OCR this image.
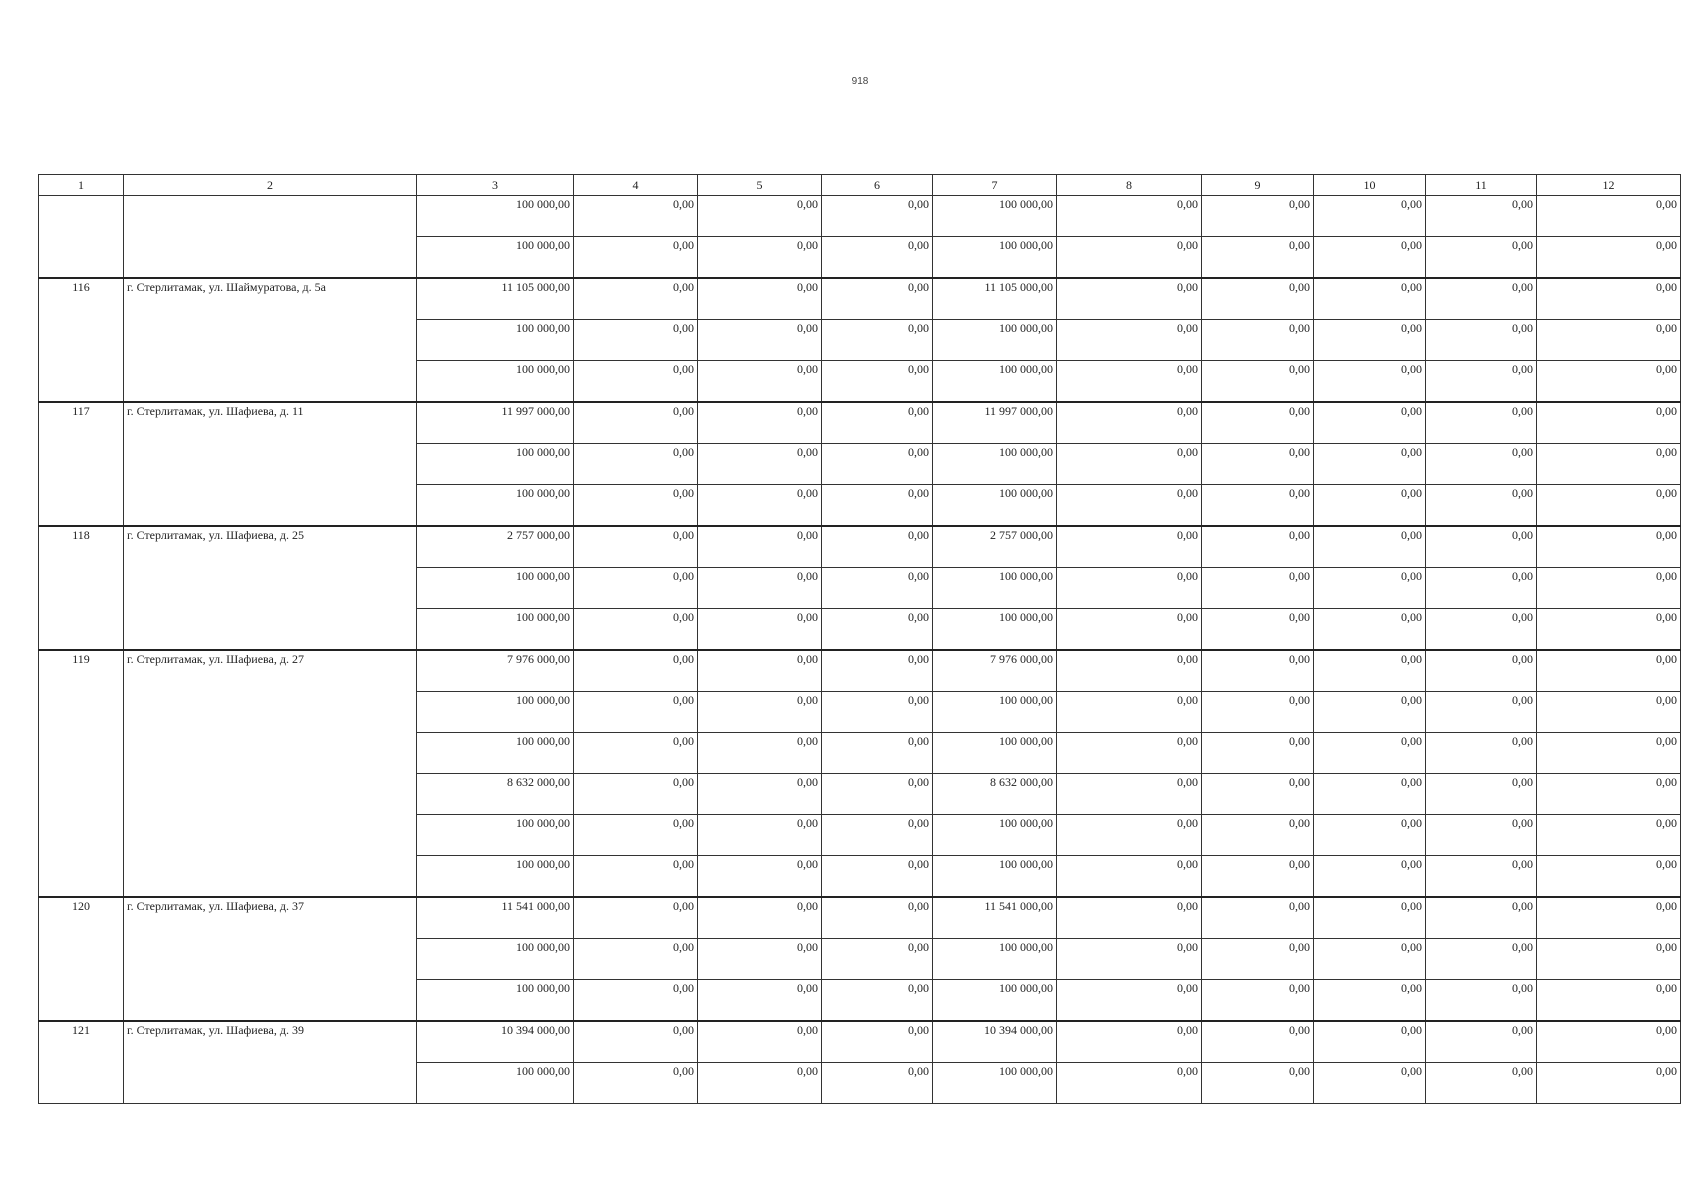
918
1	2	3	4	5	6	7	8	9	10	11	12
		100 000,00	0,00	0,00	0,00	100 000,00	0,00	0,00	0,00	0,00	0,00
		100 000,00	0,00	0,00	0,00	100 000,00	0,00	0,00	0,00	0,00	0,00
116	г. Стерлитамак, ул. Шаймуратова, д. 5а	11 105 000,00	0,00	0,00	0,00	11 105 000,00	0,00	0,00	0,00	0,00	0,00
		100 000,00	0,00	0,00	0,00	100 000,00	0,00	0,00	0,00	0,00	0,00
		100 000,00	0,00	0,00	0,00	100 000,00	0,00	0,00	0,00	0,00	0,00
117	г. Стерлитамак, ул. Шафиева, д. 11	11 997 000,00	0,00	0,00	0,00	11 997 000,00	0,00	0,00	0,00	0,00	0,00
		100 000,00	0,00	0,00	0,00	100 000,00	0,00	0,00	0,00	0,00	0,00
		100 000,00	0,00	0,00	0,00	100 000,00	0,00	0,00	0,00	0,00	0,00
118	г. Стерлитамак, ул. Шафиева, д. 25	2 757 000,00	0,00	0,00	0,00	2 757 000,00	0,00	0,00	0,00	0,00	0,00
		100 000,00	0,00	0,00	0,00	100 000,00	0,00	0,00	0,00	0,00	0,00
		100 000,00	0,00	0,00	0,00	100 000,00	0,00	0,00	0,00	0,00	0,00
119	г. Стерлитамак, ул. Шафиева, д. 27	7 976 000,00	0,00	0,00	0,00	7 976 000,00	0,00	0,00	0,00	0,00	0,00
		100 000,00	0,00	0,00	0,00	100 000,00	0,00	0,00	0,00	0,00	0,00
		100 000,00	0,00	0,00	0,00	100 000,00	0,00	0,00	0,00	0,00	0,00
		8 632 000,00	0,00	0,00	0,00	8 632 000,00	0,00	0,00	0,00	0,00	0,00
		100 000,00	0,00	0,00	0,00	100 000,00	0,00	0,00	0,00	0,00	0,00
		100 000,00	0,00	0,00	0,00	100 000,00	0,00	0,00	0,00	0,00	0,00
120	г. Стерлитамак, ул. Шафиева, д. 37	11 541 000,00	0,00	0,00	0,00	11 541 000,00	0,00	0,00	0,00	0,00	0,00
		100 000,00	0,00	0,00	0,00	100 000,00	0,00	0,00	0,00	0,00	0,00
		100 000,00	0,00	0,00	0,00	100 000,00	0,00	0,00	0,00	0,00	0,00
121	г. Стерлитамак, ул. Шафиева, д. 39	10 394 000,00	0,00	0,00	0,00	10 394 000,00	0,00	0,00	0,00	0,00	0,00
		100 000,00	0,00	0,00	0,00	100 000,00	0,00	0,00	0,00	0,00	0,00
